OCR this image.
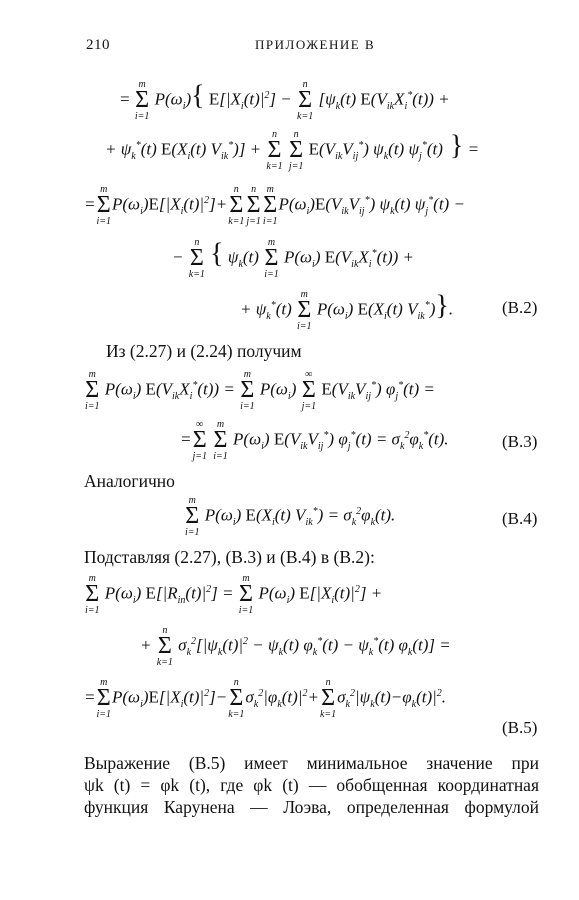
210	ПРИЛОЖЕНИЕ В
=
m
Σ
i=1
$P(\omega_i)${ $E[|X_i(t)|^2]$ −
n
Σ
k=1
[$\psi_k(t) E(V_{ik}X_i^*(t))$ +
+ $\psi_k^*(t)$ $E(X_i(t) V_{ik}^*)$] +
n
Σ
k=1

n
Σ
j=1
$E(V_{ik}V_{ij}^*)$ $\psi_k(t)$ $\psi_j^*(t)$ } =
=
m
Σ
i=1
$P(\omega_i)E[|X_i(t)|^2]+$
n
Σ
k=1
n
Σ
j=1
m
Σ
i=1
$P(\omega_i)E(V_{ik}V_{ij}^*)$ $\psi_k(t) \psi_j^*(t)$ −
−
n
Σ
k=1
{ $\psi_k(t)$
m
Σ
i=1
$P(\omega_i) E(V_{ik}X_i^*(t))$ +
+ $\psi_k^*(t)$
m
Σ
i=1
$P(\omega_i)$ $E(X_i(t)$ $V_{ik}^*$)}.	(В.2)
Из (2.27) и (2.24) получим
m
Σ
i=1
$P(\omega_i) E(V_{ik}X_i^*(t))$ =
m
Σ
i=1
$P(\omega_i)$
∞
Σ
j=1
$E(V_{ik}V_{ij}^*) \varphi_j^*(t)$ =
=
∞
Σ
j=1

m
Σ
i=1
$P(\omega_i)$ $E(V_{ik}V_{ij}^*) \varphi_j^*(t) = \sigma_k^2\varphi_k^*(t)$.	(В.3)
Аналогично
m
Σ
i=1
$P(\omega_i)$ $E(X_i(t) V_{ik}^*) = \sigma_k^2\varphi_k(t)$.	(В.4)
Подставляя (2.27), (В.3) и (В.4) в (В.2):
m
Σ
i=1
$P(\omega_i) E[|R_{in}(t)|^2]$ =
m
Σ
i=1
$P(\omega_i) E[|X_i(t)|^2]$ +
+
n
Σ
k=1
$\sigma_k^2[|\psi_k(t)|^2 - \psi_k(t) \varphi_k^*(t) - \psi_k^*(t) \varphi_k(t)]$ =
=
m
Σ
i=1
$P(\omega_i)E[|X_i(t)|^2]-$
n
Σ
k=1
$\sigma_k^2|\varphi_k(t)|^2+$
n
Σ
k=1
$\sigma_k^2|\psi_k(t)-\varphi_k(t)|^2$.
(В.5)
Выражение (В.5) имеет минимальное значение при
ψk (t) = φk (t), где φk (t) — обобщенная координатная
функция Карунена — Лоэва, определенная формулой
